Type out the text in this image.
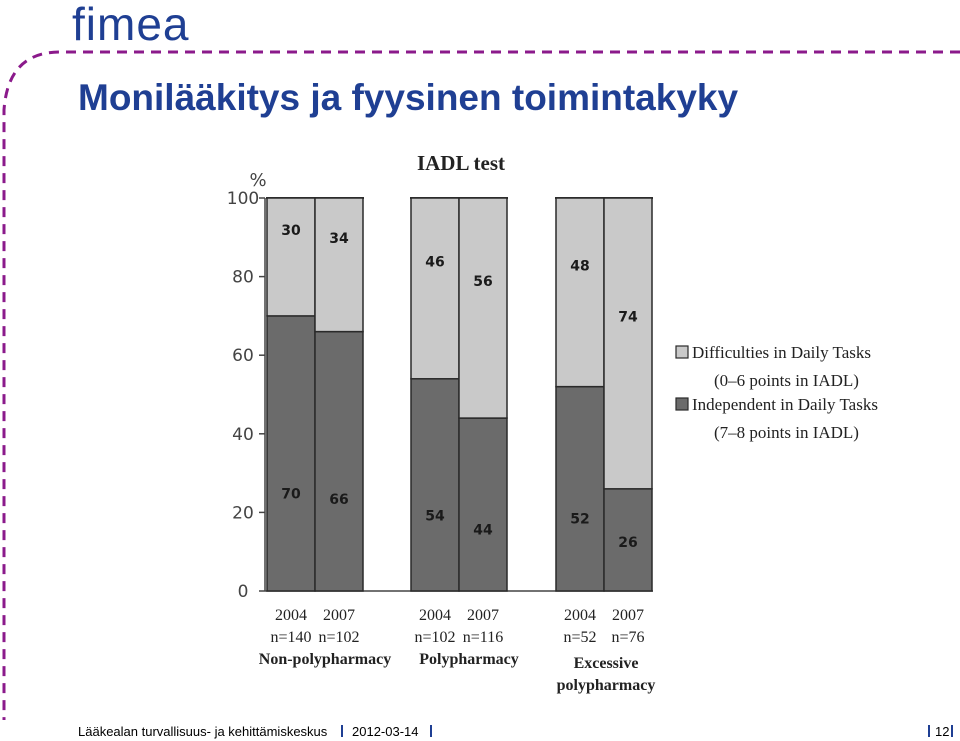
fimea
Monilääkitys ja fyysinen toimintakyky
IADL test
%
0
20
40
60
80
100
70
30
2004
n=140
66
34
2007
n=102
Non-polypharmacy
54
46
2004
n=102
44
56
2007
n=116
Polypharmacy
52
48
2004
n=52
26
74
2007
n=76
Excessive
polypharmacy
Difficulties in Daily Tasks
(0–6 points in IADL)
Independent in Daily Tasks
(7–8 points in IADL)
Lääkealan turvallisuus- ja kehittämiskeskus 2012-03-14	12
